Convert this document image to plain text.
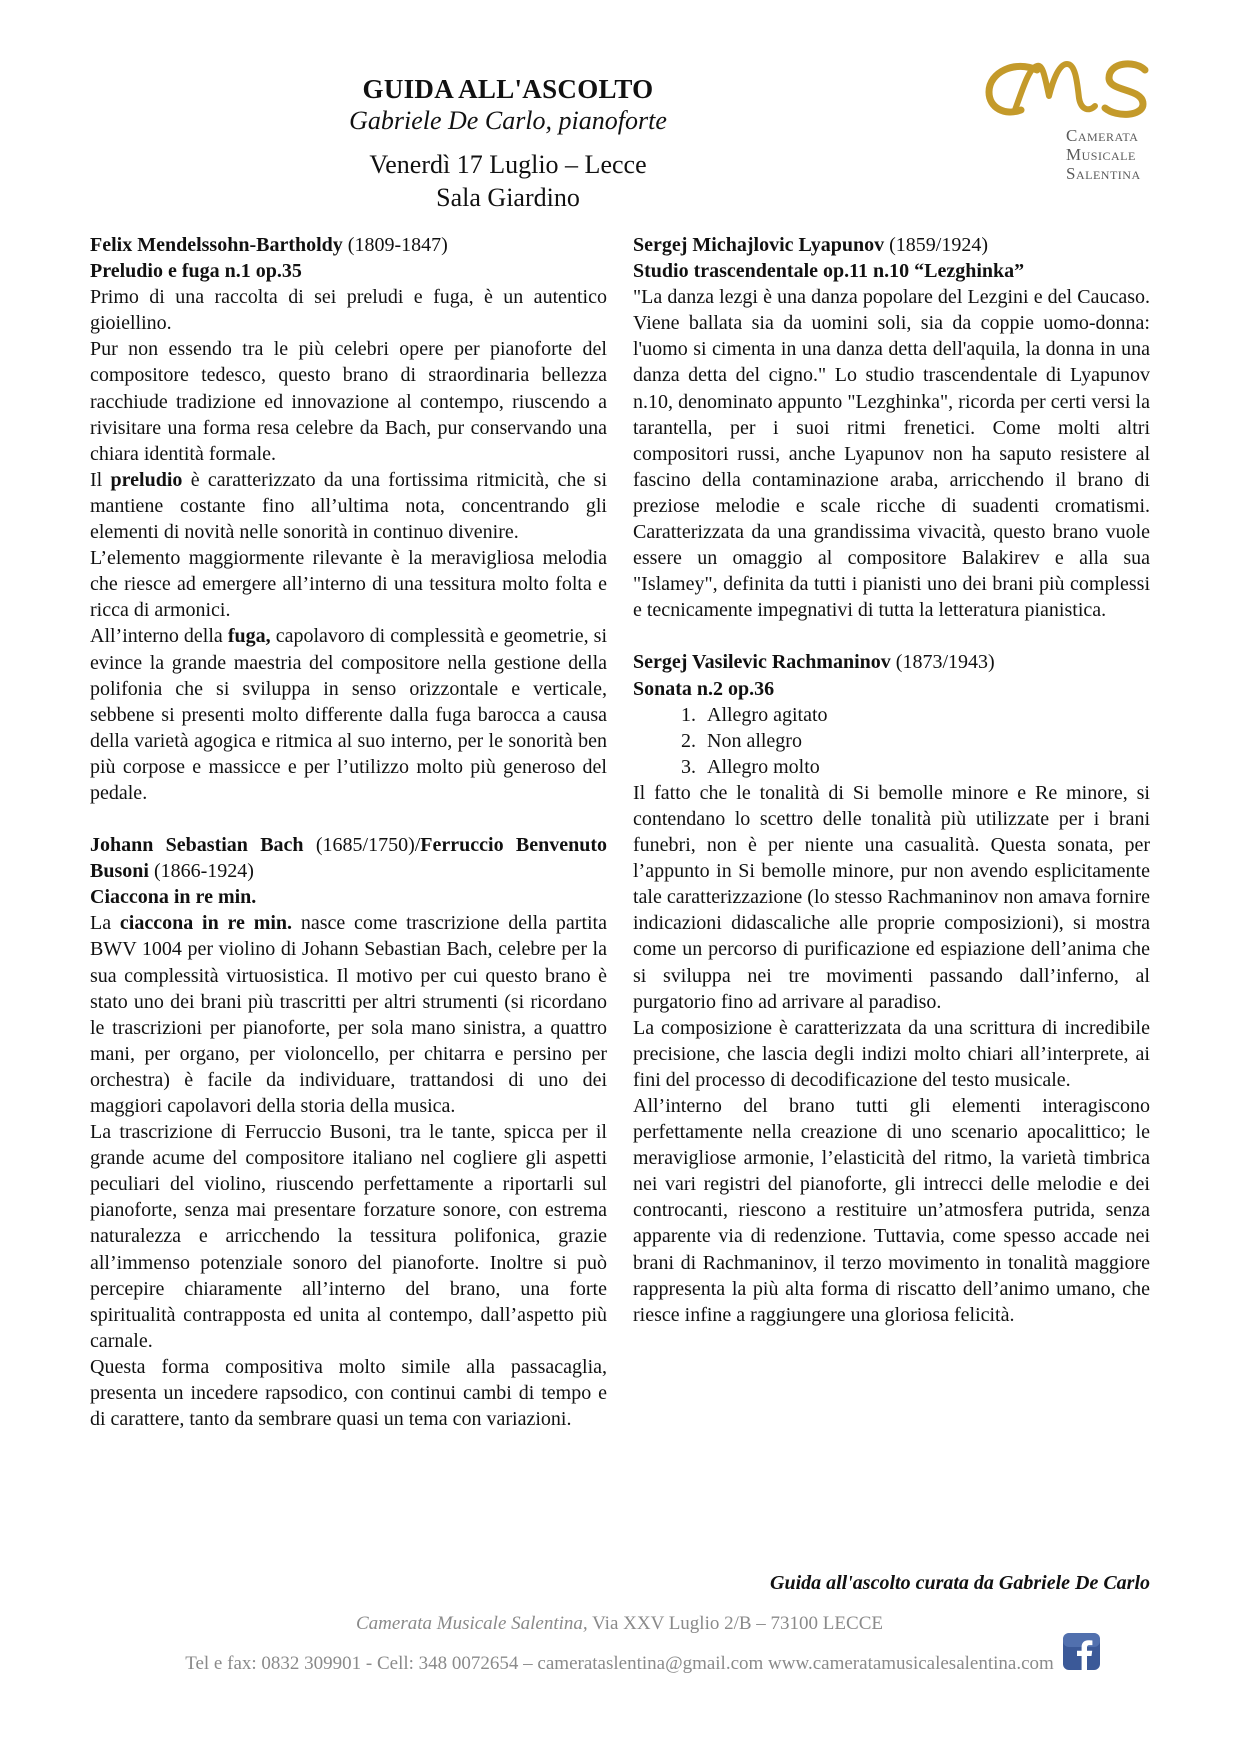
GUIDA ALL'ASCOLTO
Gabriele De Carlo, pianoforte
Venerdì 17 Luglio – Lecce
Sala Giardino
Camerata
Musicale
Salentina

Felix Mendelssohn-Bartholdy (1809-1847)

Preludio e fuga n.1 op.35

Primo di una raccolta di sei preludi e fuga, è un autentico gioiellino.

Pur non essendo tra le più celebri opere per pianoforte del compositore tedesco, questo brano di straordinaria bellezza racchiude tradizione ed innovazione al contempo, riuscendo a rivisitare una forma resa celebre da Bach, pur conservando una chiara identità formale.

Il preludio è caratterizzato da una fortissima ritmicità, che si mantiene costante fino all’ultima nota, concentrando gli elementi di novità nelle sonorità in continuo divenire.

L’elemento maggiormente rilevante è la meravigliosa melodia che riesce ad emergere all’interno di una tessitura molto folta e ricca di armonici.

All’interno della fuga, capolavoro di complessità e geometrie, si evince la grande maestria del compositore nella gestione della polifonia che si sviluppa in senso orizzontale e verticale, sebbene si presenti molto differente dalla fuga barocca a causa della varietà agogica e ritmica al suo interno, per le sonorità ben più corpose e massicce e per l’utilizzo molto più generoso del pedale.

Johann Sebastian Bach (1685/1750)/Ferruccio Benvenuto Busoni (1866-1924)

Ciaccona in re min.

La ciaccona in re min. nasce come trascrizione della partita BWV 1004 per violino di Johann Sebastian Bach, celebre per la sua complessità virtuosistica. Il motivo per cui questo brano è stato uno dei brani più trascritti per altri strumenti (si ricordano le trascrizioni per pianoforte, per sola mano sinistra, a quattro mani, per organo, per violoncello, per chitarra e persino per orchestra) è facile da individuare, trattandosi di uno dei maggiori capolavori della storia della musica.

La trascrizione di Ferruccio Busoni, tra le tante, spicca per il grande acume del compositore italiano nel cogliere gli aspetti peculiari del violino, riuscendo perfettamente a riportarli sul pianoforte, senza mai presentare forzature sonore, con estrema naturalezza e arricchendo la tessitura polifonica, grazie all’immenso potenziale sonoro del pianoforte. Inoltre si può percepire chiaramente all’interno del brano, una forte spiritualità contrapposta ed unita al contempo, dall’aspetto più carnale.

Questa forma compositiva molto simile alla passacaglia, presenta un incedere rapsodico, con continui cambi di tempo e di carattere, tanto da sembrare quasi un tema con variazioni.

Sergej Michajlovic Lyapunov (1859/1924)

Studio trascendentale op.11 n.10 “Lezghinka”

"La danza lezgi è una danza popolare del Lezgini e del Caucaso. Viene ballata sia da uomini soli, sia da coppie uomo-donna: l'uomo si cimenta in una danza detta dell'aquila, la donna in una danza detta del cigno." Lo studio trascendentale di Lyapunov n.10, denominato appunto "Lezghinka", ricorda per certi versi la tarantella, per i suoi ritmi frenetici. Come molti altri compositori russi, anche Lyapunov non ha saputo resistere al fascino della contaminazione araba, arricchendo il brano di preziose melodie e scale ricche di suadenti cromatismi. Caratterizzata da una grandissima vivacità, questo brano vuole essere un omaggio al compositore Balakirev e alla sua "Islamey", definita da tutti i pianisti uno dei brani più complessi e tecnicamente impegnativi di tutta la letteratura pianistica.

Sergej Vasilevic Rachmaninov (1873/1943)

Sonata n.2 op.36

1. Allegro agitato
2. Non allegro
3. Allegro molto

Il fatto che le tonalità di Si bemolle minore e Re minore, si contendano lo scettro delle tonalità più utilizzate per i brani funebri, non è per niente una casualità. Questa sonata, per l’appunto in Si bemolle minore, pur non avendo esplicitamente tale caratterizzazione (lo stesso Rachmaninov non amava fornire indicazioni didascaliche alle proprie composizioni), si mostra come un percorso di purificazione ed espiazione dell’anima che si sviluppa nei tre movimenti passando dall’inferno, al purgatorio fino ad arrivare al paradiso.

La composizione è caratterizzata da una scrittura di incredibile precisione, che lascia degli indizi molto chiari all’interprete, ai fini del processo di decodificazione del testo musicale.

All’interno del brano tutti gli elementi interagiscono perfettamente nella creazione di uno scenario apocalittico; le meravigliose armonie, l’elasticità del ritmo, la varietà timbrica nei vari registri del pianoforte, gli intrecci delle melodie e dei controcanti, riescono a restituire un’atmosfera putrida, senza apparente via di redenzione. Tuttavia, come spesso accade nei brani di Rachmaninov, il terzo movimento in tonalità maggiore rappresenta la più alta forma di riscatto dell’animo umano, che riesce infine a raggiungere una gloriosa felicità.

Guida all'ascolto curata da Gabriele De Carlo
Camerata Musicale Salentina, Via XXV Luglio 2/B – 73100 LECCE
Tel e fax: 0832 309901 - Cell: 348 0072654 – camerataslentina@gmail.com www.cameratamusicalesalentina.com
